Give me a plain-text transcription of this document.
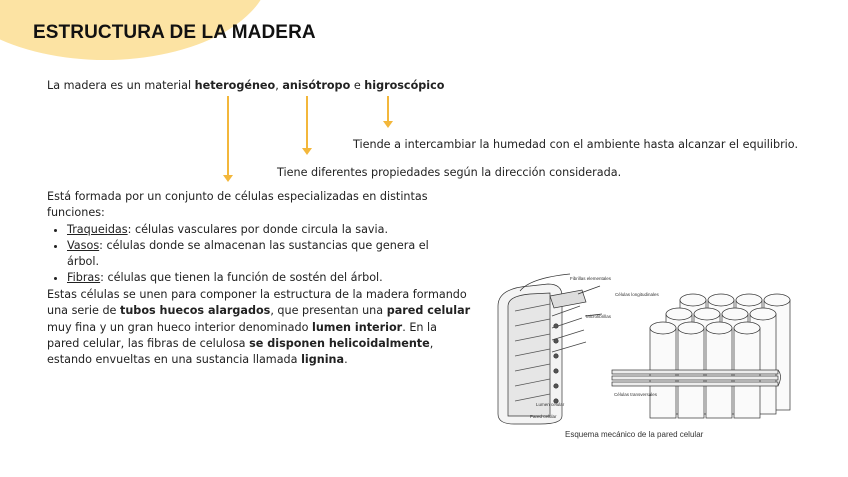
ESTRUCTURA DE LA MADERA
La madera es un material heterogéneo, anisótropo e higroscópico
Tiende a intercambiar la humedad con el ambiente hasta alcanzar el equilibrio.
Tiene diferentes propiedades según la dirección considerada.
Está formada por un conjunto de células especializadas en distintas funciones:
• Traqueidas: células vasculares por donde circula la savia.
• Vasos: células donde se almacenan las sustancias que genera el árbol.
• Fibras: células que tienen la función de sostén del árbol.
Estas células se unen para componer la estructura de la madera formando una serie de tubos huecos alargados, que presentan una pared celular muy fina y un gran hueco interior denominado lumen interior. En la pared celular, las fibras de celulosa se disponen helicoidalmente, estando envueltas en una sustancia llamada lignina.
Fibrillas elementales
Microfibrillas
Lumen celular
Pared celular
Células longitudinales
Células transversales
Esquema mecánico de la pared celular
